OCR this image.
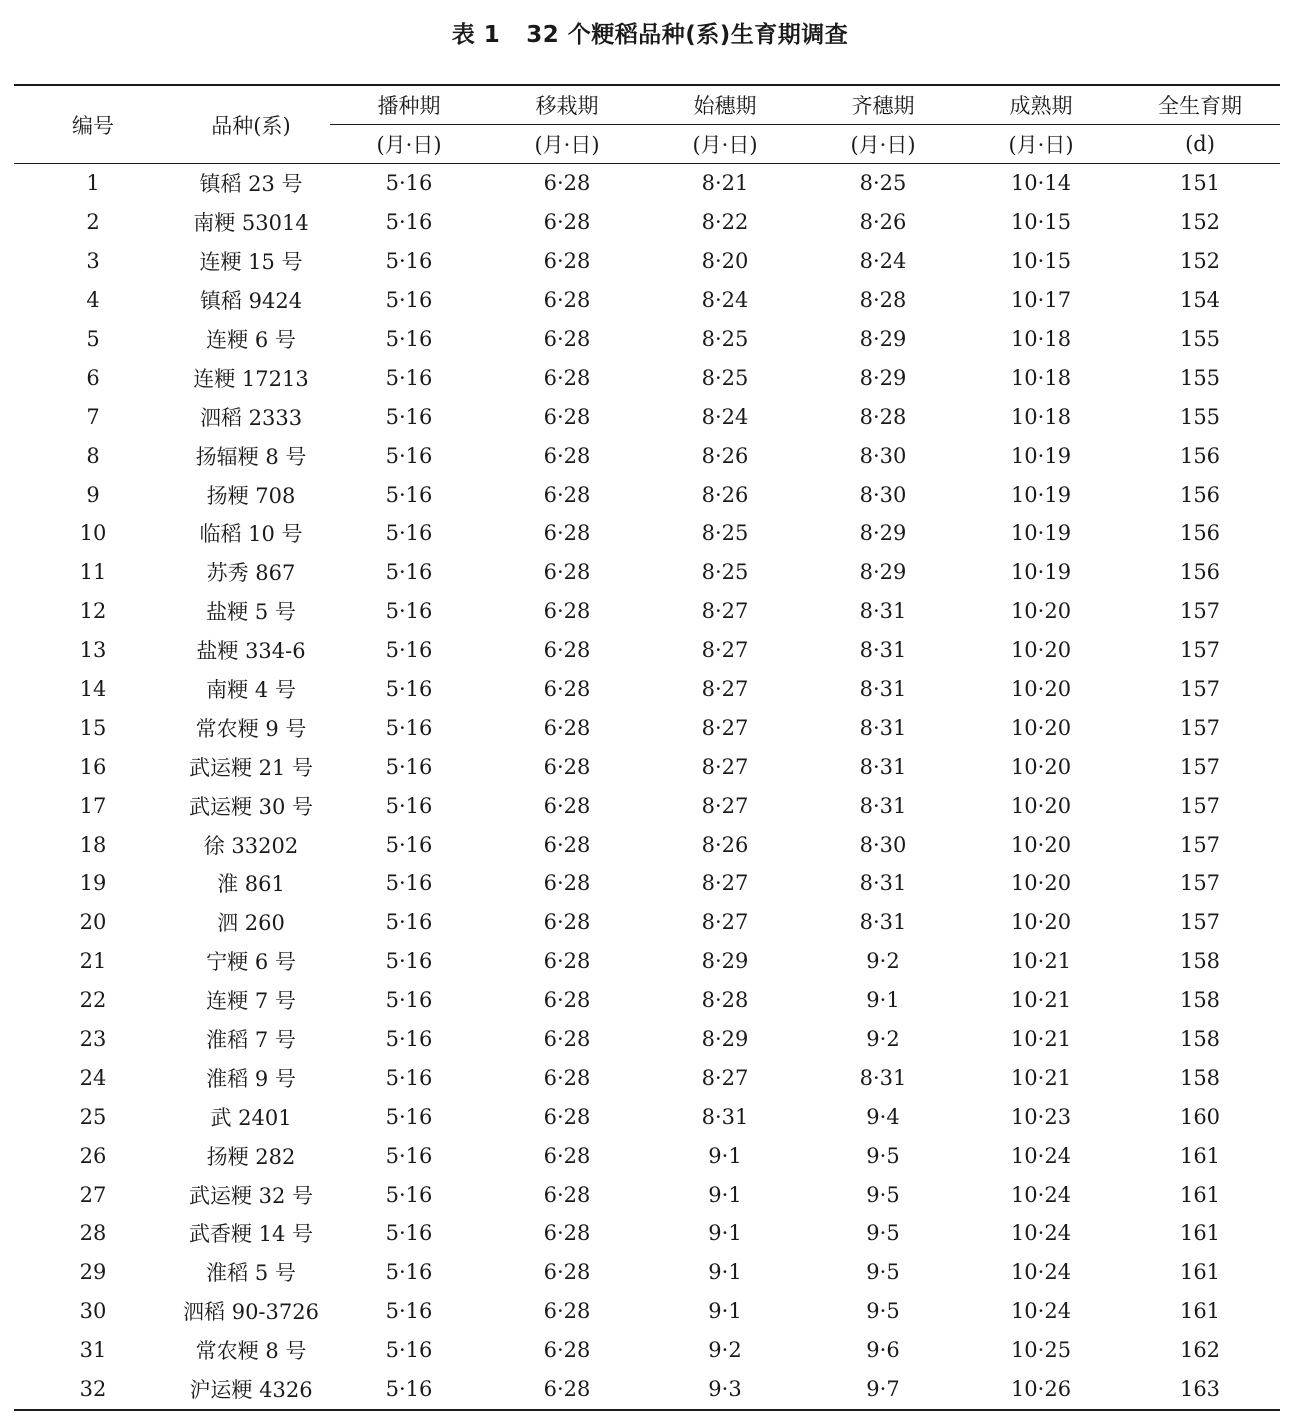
表 1 32 个粳稻品种(系)生育期调查
编号	品种(系)	播种期	移栽期	始穗期	齐穗期	成熟期	全生育期
		(月·日)	(月·日)	(月·日)	(月·日)	(月·日)	(d)
1	镇稻 23 号	5·16	6·28	8·21	8·25	10·14	151
2	南粳 53014	5·16	6·28	8·22	8·26	10·15	152
3	连粳 15 号	5·16	6·28	8·20	8·24	10·15	152
4	镇稻 9424	5·16	6·28	8·24	8·28	10·17	154
5	连粳 6 号	5·16	6·28	8·25	8·29	10·18	155
6	连粳 17213	5·16	6·28	8·25	8·29	10·18	155
7	泗稻 2333	5·16	6·28	8·24	8·28	10·18	155
8	扬辐粳 8 号	5·16	6·28	8·26	8·30	10·19	156
9	扬粳 708	5·16	6·28	8·26	8·30	10·19	156
10	临稻 10 号	5·16	6·28	8·25	8·29	10·19	156
11	苏秀 867	5·16	6·28	8·25	8·29	10·19	156
12	盐粳 5 号	5·16	6·28	8·27	8·31	10·20	157
13	盐粳 334-6	5·16	6·28	8·27	8·31	10·20	157
14	南粳 4 号	5·16	6·28	8·27	8·31	10·20	157
15	常农粳 9 号	5·16	6·28	8·27	8·31	10·20	157
16	武运粳 21 号	5·16	6·28	8·27	8·31	10·20	157
17	武运粳 30 号	5·16	6·28	8·27	8·31	10·20	157
18	徐 33202	5·16	6·28	8·26	8·30	10·20	157
19	淮 861	5·16	6·28	8·27	8·31	10·20	157
20	泗 260	5·16	6·28	8·27	8·31	10·20	157
21	宁粳 6 号	5·16	6·28	8·29	9·2	10·21	158
22	连粳 7 号	5·16	6·28	8·28	9·1	10·21	158
23	淮稻 7 号	5·16	6·28	8·29	9·2	10·21	158
24	淮稻 9 号	5·16	6·28	8·27	8·31	10·21	158
25	武 2401	5·16	6·28	8·31	9·4	10·23	160
26	扬粳 282	5·16	6·28	9·1	9·5	10·24	161
27	武运粳 32 号	5·16	6·28	9·1	9·5	10·24	161
28	武香粳 14 号	5·16	6·28	9·1	9·5	10·24	161
29	淮稻 5 号	5·16	6·28	9·1	9·5	10·24	161
30	泗稻 90-3726	5·16	6·28	9·1	9·5	10·24	161
31	常农粳 8 号	5·16	6·28	9·2	9·6	10·25	162
32	沪运粳 4326	5·16	6·28	9·3	9·7	10·26	163
